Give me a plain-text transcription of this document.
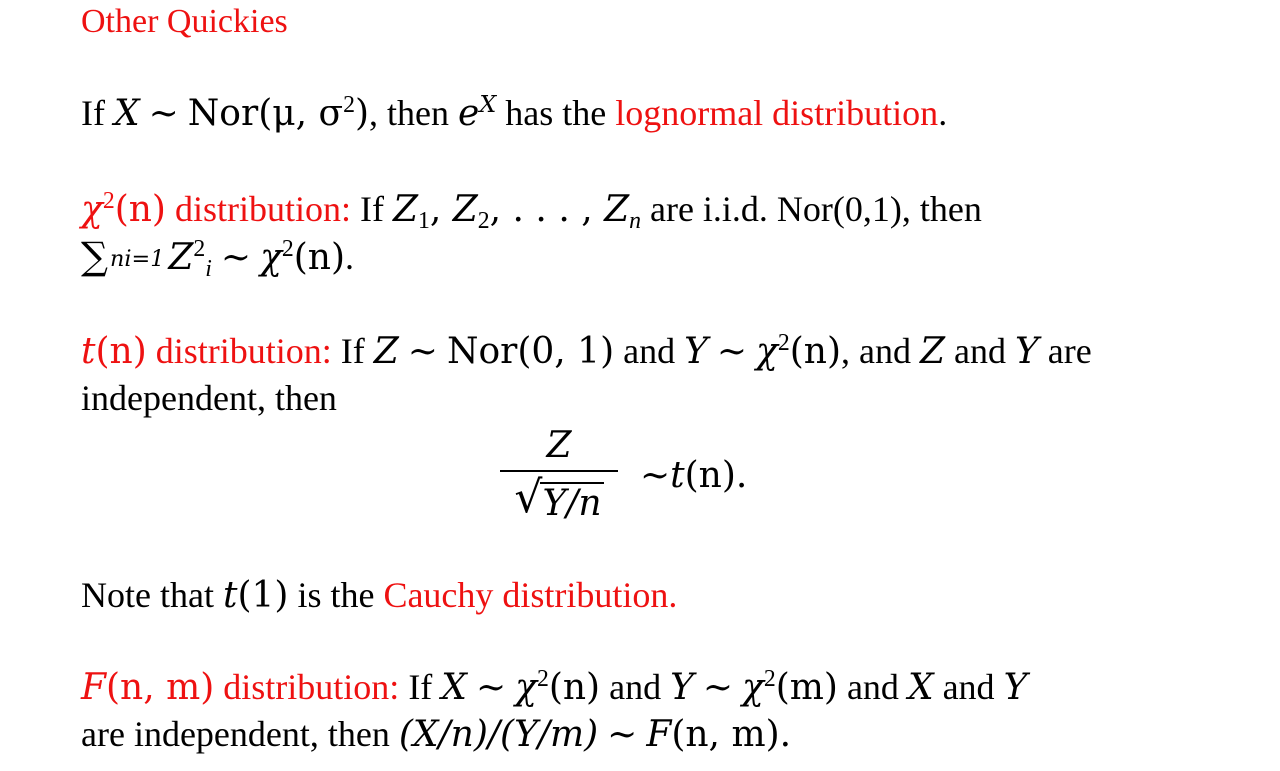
Other Quickies
If X ∼ Nor(μ, $\sigma^2$), then $e^X$ has the lognormal distribution.
$\chi^2(n)$ distribution: If $Z_1$, $Z_2$, . . . , $Z_n$ are i.i.d. Nor(0,1), then
∑ni=1 $Z^2_i$ ∼ $\chi^2(n)$.
t(n) distribution: If Z ∼ Nor(0, 1) and Y ∼ $\chi^2(n)$, and Z and Y are
independent, then
$\frac{Z}{√ Y/n}$ ∼ t (n).
Note that t(1) is the Cauchy distribution.
F(n, m) distribution: If X ∼ $\chi^2(n)$ and Y ∼ $\chi^2(m)$ and X and Y
are independent, then (X/n)/(Y/m) ∼ F(n, m).
